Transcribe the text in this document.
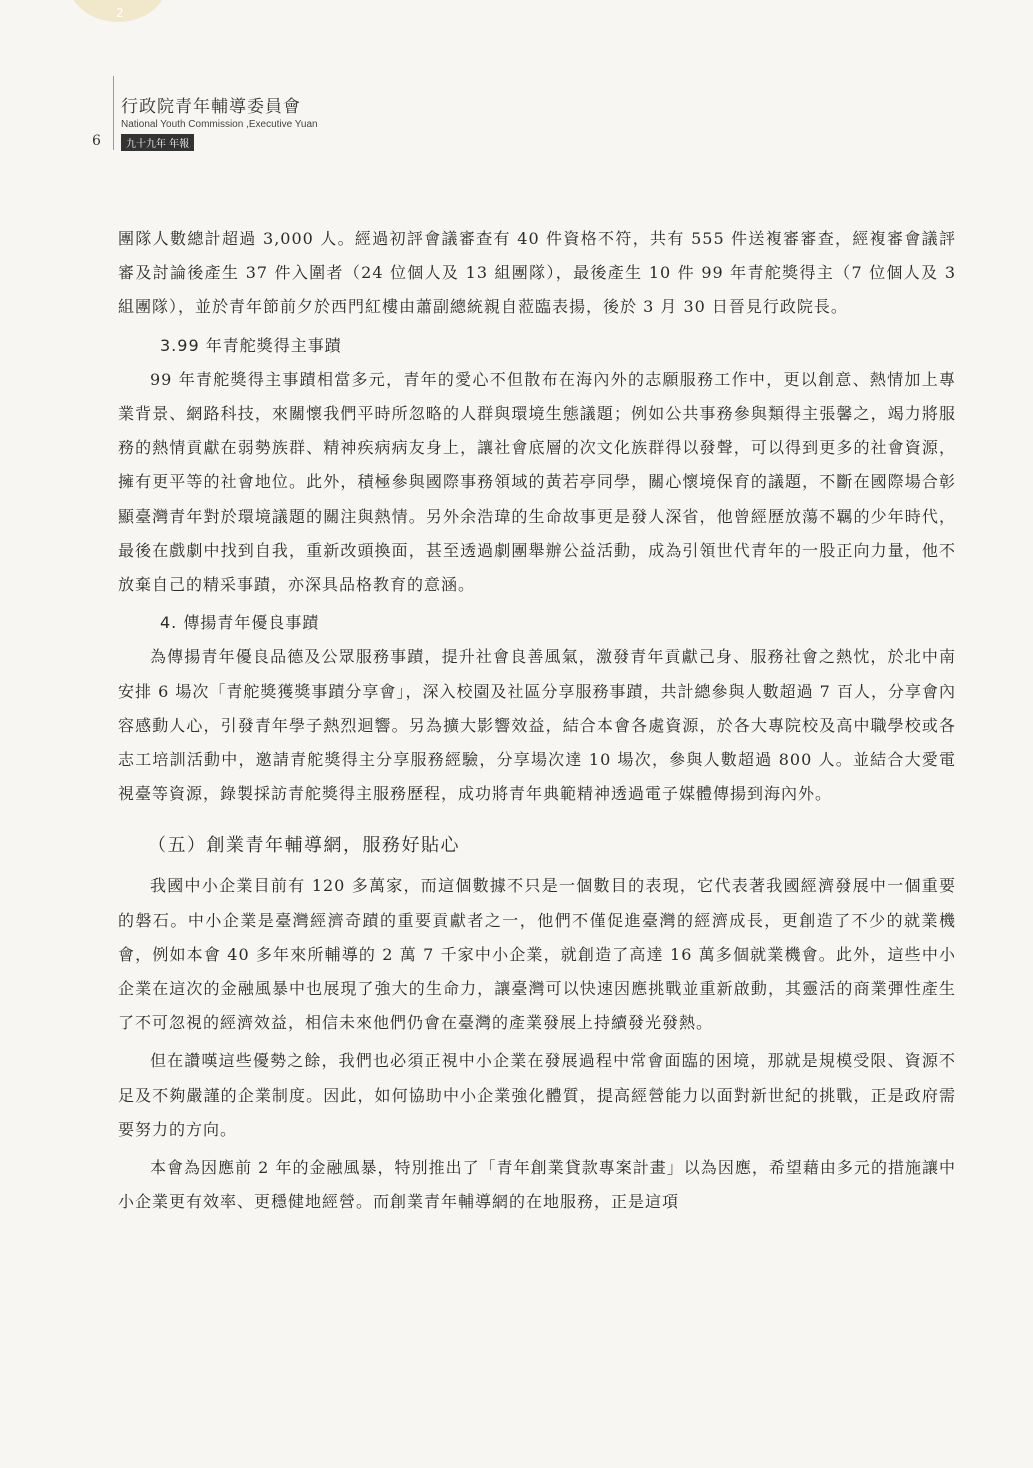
2
6
行政院青年輔導委員會
National Youth Commission ,Executive Yuan
九十九年 年報

團隊人數總計超過 3,000 人。經過初評會議審查有 40 件資格不符，共有 555 件送複審審查，經複審會議評審及討論後產生 37 件入圍者（24 位個人及 13 組團隊），最後產生 10 件 99 年青舵獎得主（7 位個人及 3 組團隊），並於青年節前夕於西門紅樓由蕭副總統親自蒞臨表揚，後於 3 月 30 日晉見行政院長。

3.99 年青舵獎得主事蹟

99 年青舵獎得主事蹟相當多元，青年的愛心不但散布在海內外的志願服務工作中，更以創意、熱情加上專業背景、網路科技，來關懷我們平時所忽略的人群與環境生態議題；例如公共事務參與類得主張馨之，竭力將服務的熱情貢獻在弱勢族群、精神疾病病友身上，讓社會底層的次文化族群得以發聲，可以得到更多的社會資源，擁有更平等的社會地位。此外，積極參與國際事務領域的黃若亭同學，關心懷境保育的議題，不斷在國際場合彰顯臺灣青年對於環境議題的關注與熱情。另外余浩瑋的生命故事更是發人深省，他曾經歷放蕩不羈的少年時代，最後在戲劇中找到自我，重新改頭換面，甚至透過劇團舉辦公益活動，成為引領世代青年的一股正向力量，他不放棄自己的精采事蹟，亦深具品格教育的意涵。

4. 傳揚青年優良事蹟

為傳揚青年優良品德及公眾服務事蹟，提升社會良善風氣，激發青年貢獻己身、服務社會之熱忱，於北中南安排 6 場次「青舵獎獲獎事蹟分享會」，深入校園及社區分享服務事蹟，共計總參與人數超過 7 百人，分享會內容感動人心，引發青年學子熱烈迴響。另為擴大影響效益，結合本會各處資源，於各大專院校及高中職學校或各志工培訓活動中，邀請青舵獎得主分享服務經驗，分享場次達 10 場次，參與人數超過 800 人。並結合大愛電視臺等資源，錄製採訪青舵獎得主服務歷程，成功將青年典範精神透過電子媒體傳揚到海內外。

（五）創業青年輔導網，服務好貼心

我國中小企業目前有 120 多萬家，而這個數據不只是一個數目的表現，它代表著我國經濟發展中一個重要的磐石。中小企業是臺灣經濟奇蹟的重要貢獻者之一，他們不僅促進臺灣的經濟成長，更創造了不少的就業機會，例如本會 40 多年來所輔導的 2 萬 7 千家中小企業，就創造了高達 16 萬多個就業機會。此外，這些中小企業在這次的金融風暴中也展現了強大的生命力，讓臺灣可以快速因應挑戰並重新啟動，其靈活的商業彈性產生了不可忽視的經濟效益，相信未來他們仍會在臺灣的產業發展上持續發光發熱。

但在讚嘆這些優勢之餘，我們也必須正視中小企業在發展過程中常會面臨的困境，那就是規模受限、資源不足及不夠嚴謹的企業制度。因此，如何協助中小企業強化體質，提高經營能力以面對新世紀的挑戰，正是政府需要努力的方向。

本會為因應前 2 年的金融風暴，特別推出了「青年創業貸款專案計畫」以為因應，希望藉由多元的措施讓中小企業更有效率、更穩健地經營。而創業青年輔導網的在地服務，正是這項
